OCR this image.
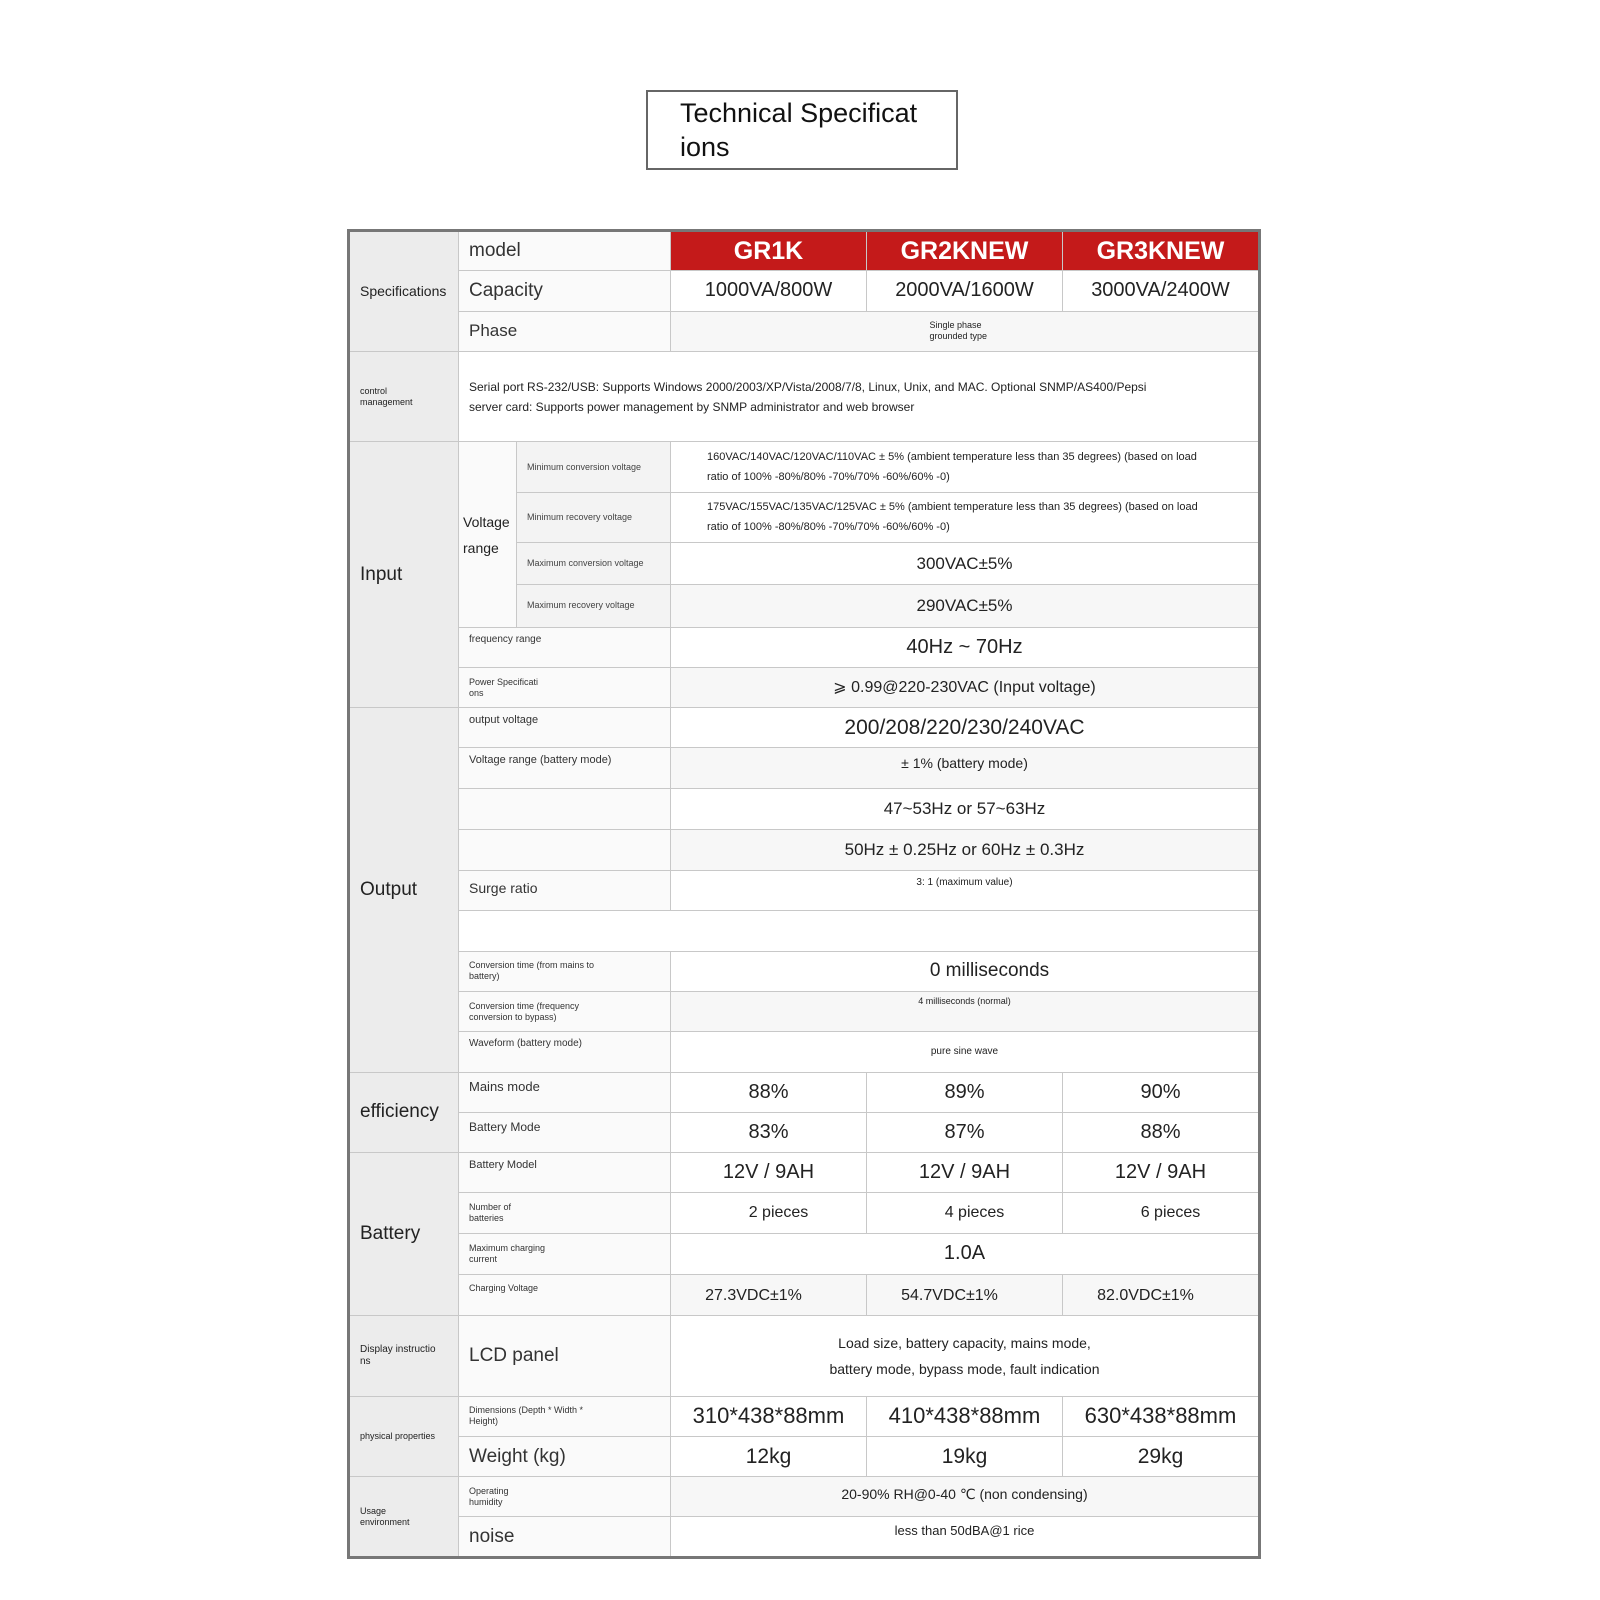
Technical Specificat ions
Specifications	model		GR1K	GR2KNEW	GR3KNEW
	Capacity		1000VA/800W	2000VA/1600W	3000VA/2400W
	Phase		Single phase grounded type		

control management	Serial port RS-232/USB: Supports Windows 2000/2003/XP/Vista/2008/7/8, Linux, Unix, and MAC. Optional SNMP/AS400/Pepsi server card: Supports power management by SNMP administrator and web browser				
Input	Voltage range	Minimum conversion voltage	160VAC/140VAC/120VAC/110VAC ± 5% (ambient temperature less than 35 degrees) (based on load ratio of 100% -80%/80% -70%/70% -60%/60% -0)		
		Minimum recovery voltage	175VAC/155VAC/135VAC/125VAC ± 5% (ambient temperature less than 35 degrees) (based on load ratio of 100% -80%/80% -70%/70% -60%/60% -0)		
		Maximum conversion voltage	300VAC±5%		
		Maximum recovery voltage	290VAC±5%		
	frequency range		40Hz ~ 70Hz		

	Power Specificati ons		⩾ 0.99@220-230VAC (Input voltage)		
Output	output voltage		200/208/220/230/240VAC		
	Voltage range (battery mode)		± 1% (battery mode)		
			47~53Hz or 57~63Hz		
			50Hz ± 0.25Hz or 60Hz ± 0.3Hz		
	Surge ratio		3: 1 (maximum value)		

	Conversion time (from mains to battery)		0 milliseconds		

	Conversion time (frequency conversion to bypass)		4 milliseconds (normal)		
	Waveform (battery mode)		pure sine wave		
efficiency	Mains mode		88%	89%	90%
	Battery Mode		83%	87%	88%
Battery	Battery Model		12V / 9AH	12V / 9AH	12V / 9AH

	Number of batteries		2 pieces	4 pieces	6 pieces

	Maximum charging current		1.0A		
	Charging Voltage		27.3VDC±1%	54.7VDC±1%	82.0VDC±1%

Display instructio ns	LCD panel		Load size, battery capacity, mains mode,
battery mode, bypass mode, fault indication		

physical properties	Dimensions (Depth * Width * Height)		310*438*88mm	410*438*88mm	630*438*88mm
	Weight (kg)		12kg	19kg	29kg

Usage environment	Operating humidity		20-90% RH@0-40 ℃ (non condensing)		
	noise		less than 50dBA@1 rice		
